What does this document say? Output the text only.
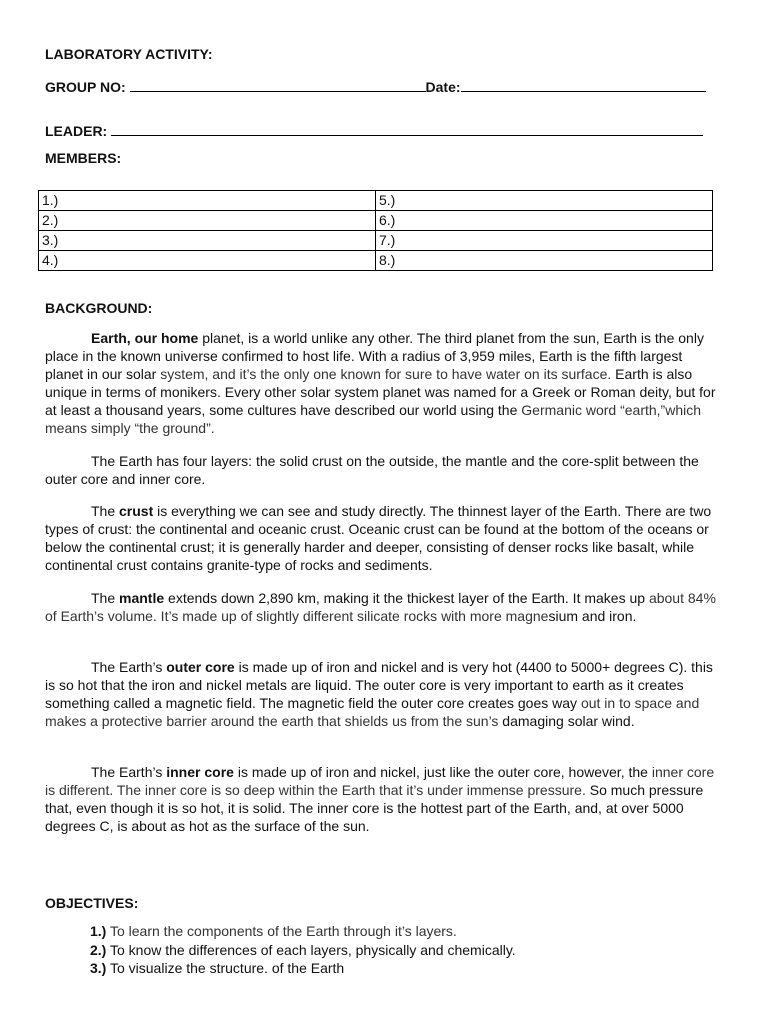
LABORATORY ACTIVITY:
GROUP NO:	Date:
LEADER:
MEMBERS:
1.)	5.)
2.)	6.)
3.)	7.)
4.)	8.)
BACKGROUND:
Earth, our home planet, is a world unlike any other. The third planet from the sun, Earth is the only place in the known universe confirmed to host life. With a radius of 3,959 miles, Earth is the fifth largest planet in our solar system, and it’s the only one known for sure to have water on its surface. Earth is also unique in terms of monikers. Every other solar system planet was named for a Greek or Roman deity, but for at least a thousand years, some cultures have described our world using the Germanic word “earth,”which means simply “the ground”.
The Earth has four layers: the solid crust on the outside, the mantle and the core-split between the outer core and inner core.
The crust is everything we can see and study directly. The thinnest layer of the Earth. There are two types of crust: the continental and oceanic crust. Oceanic crust can be found at the bottom of the oceans or below the continental crust; it is generally harder and deeper, consisting of denser rocks like basalt, while continental crust contains granite-type of rocks and sediments.
The mantle extends down 2,890 km, making it the thickest layer of the Earth. It makes up about 84% of Earth’s volume. It’s made up of slightly different silicate rocks with more magnesium and iron.
The Earth’s outer core is made up of iron and nickel and is very hot (4400 to 5000+ degrees C). this is so hot that the iron and nickel metals are liquid. The outer core is very important to earth as it creates something called a magnetic field. The magnetic field the outer core creates goes way out in to space and makes a protective barrier around the earth that shields us from the sun’s damaging solar wind.
The Earth’s inner core is made up of iron and nickel, just like the outer core, however, the inner core is different. The inner core is so deep within the Earth that it’s under immense pressure. So much pressure that, even though it is so hot, it is solid. The inner core is the hottest part of the Earth, and, at over 5000 degrees C, is about as hot as the surface of the sun.
OBJECTIVES:
1.) To learn the components of the Earth through it’s layers.
2.) To know the differences of each layers, physically and chemically.
3.) To visualize the structure. of the Earth
